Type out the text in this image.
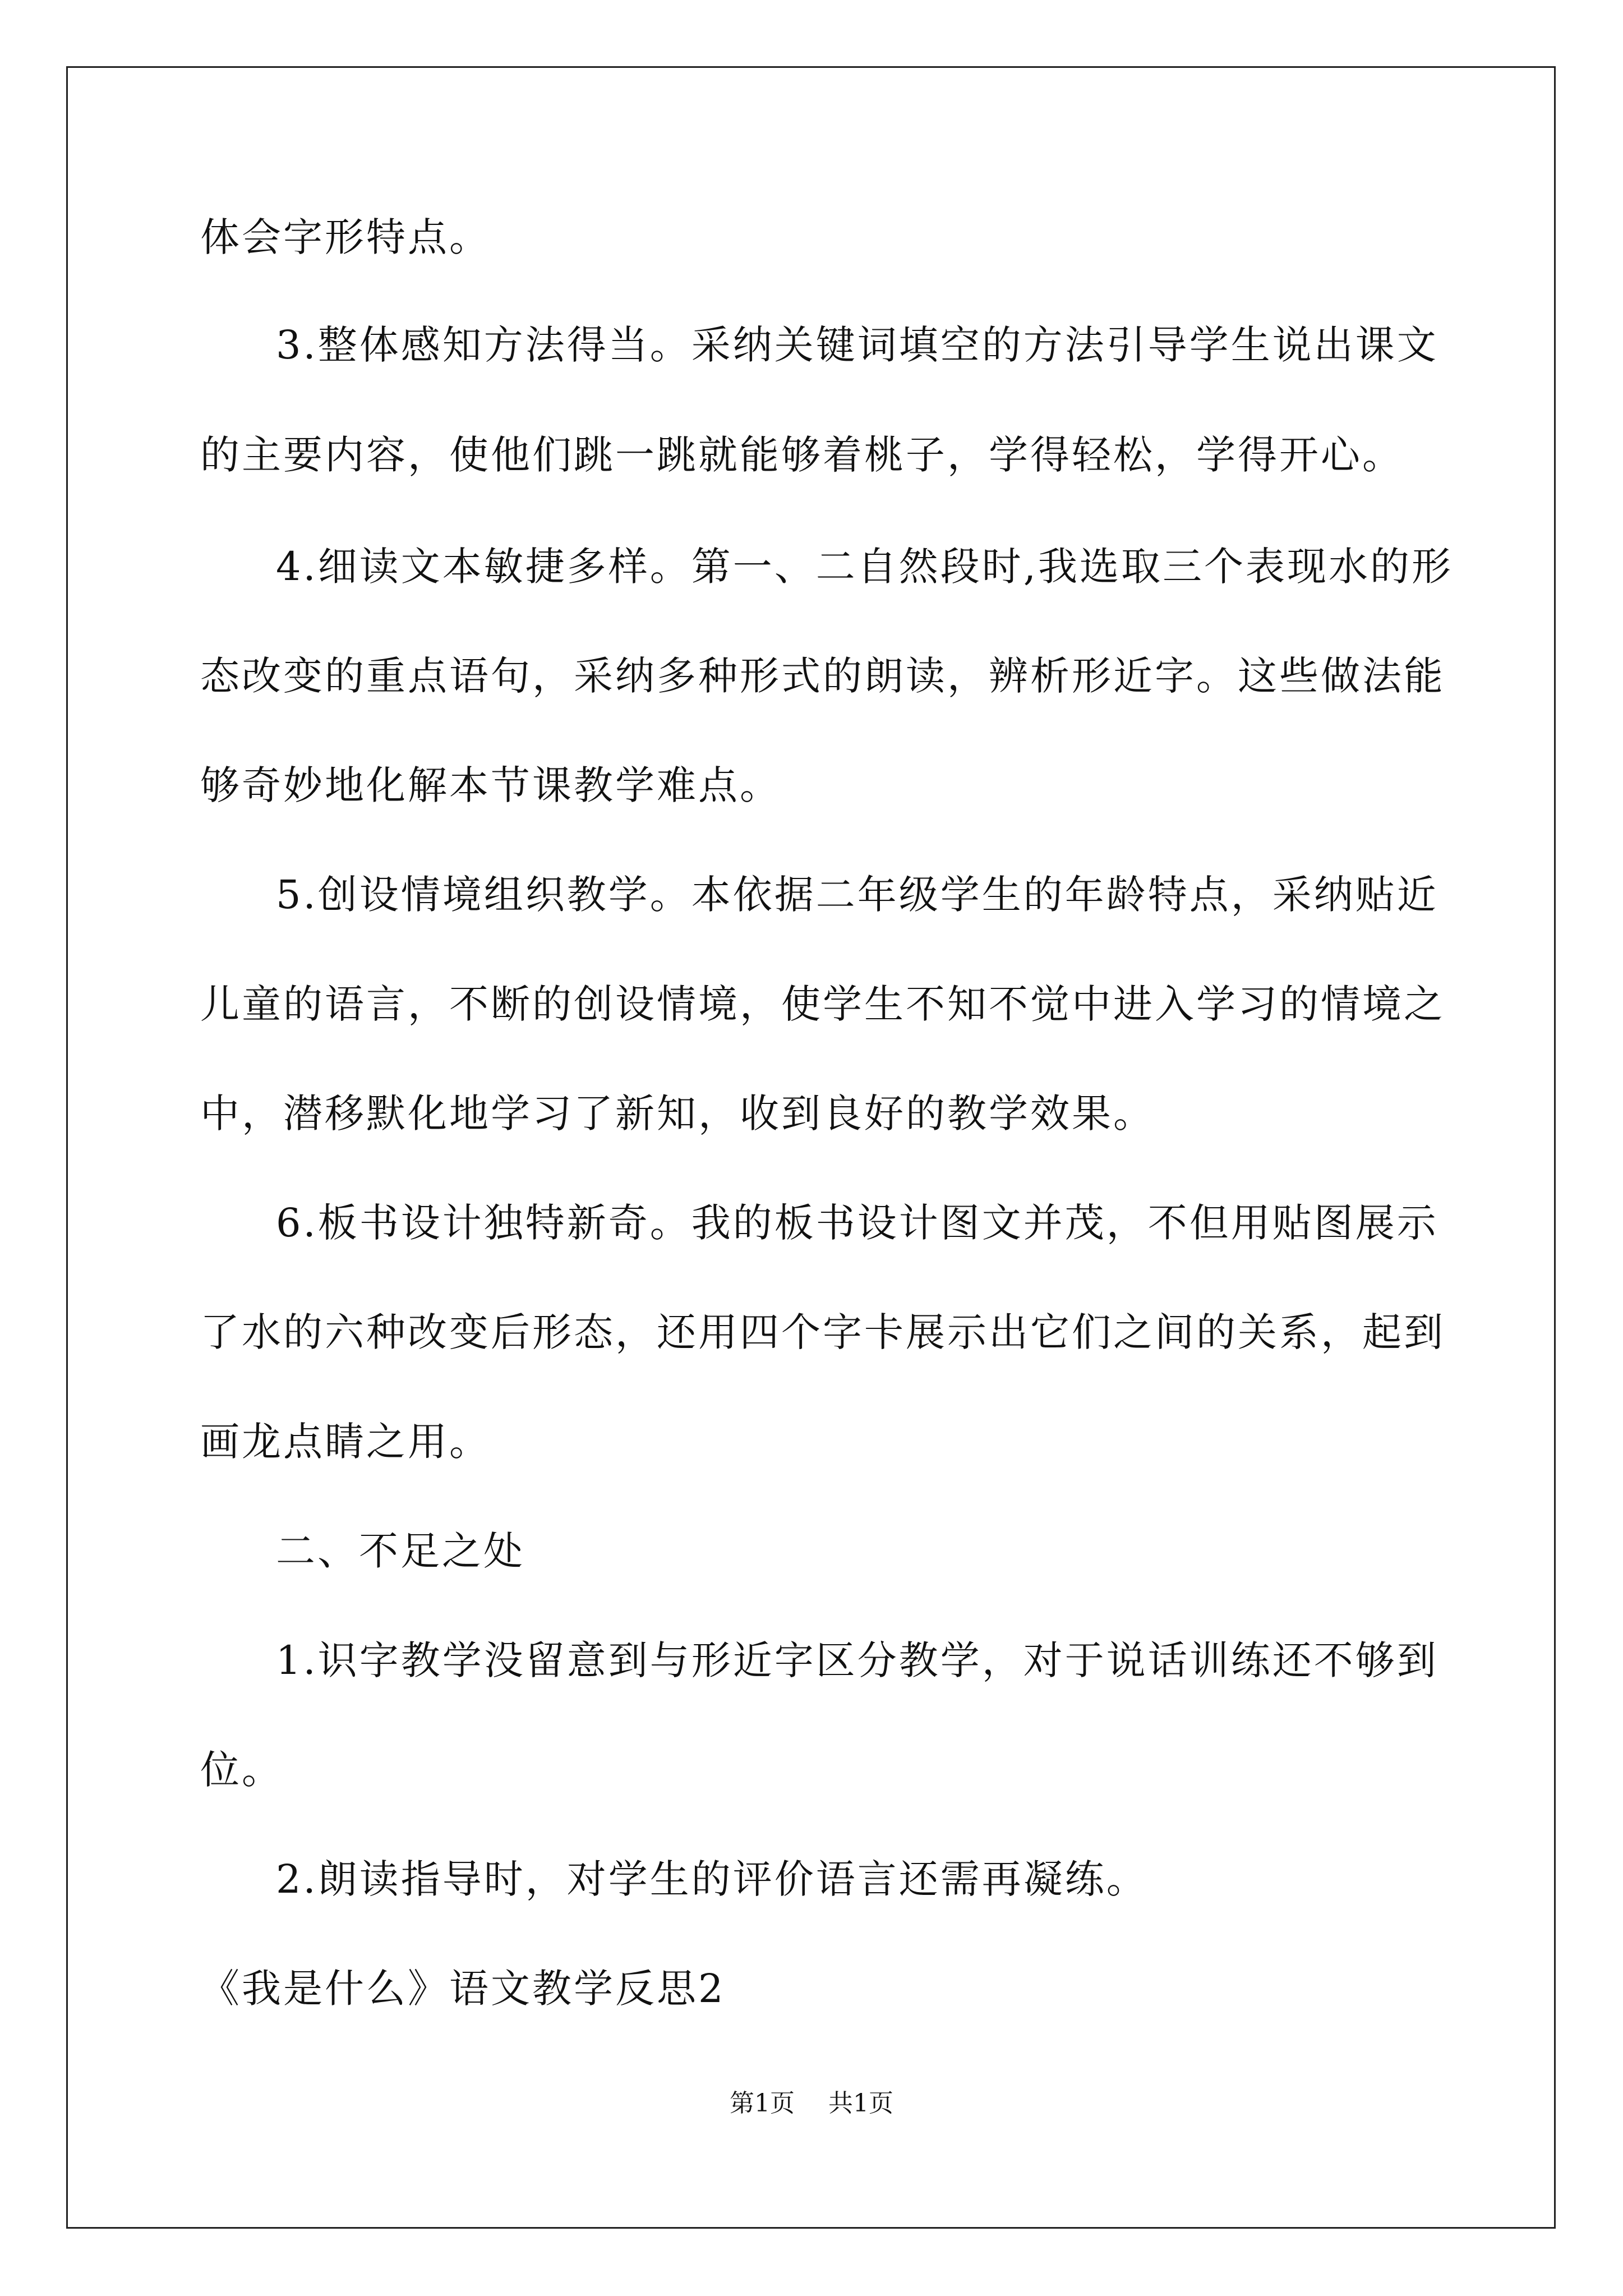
体会字形特点。
3.整体感知方法得当。采纳关键词填空的方法引导学生说出课文
的主要内容，使他们跳一跳就能够着桃子，学得轻松，学得开心。
4.细读文本敏捷多样。第一、二自然段时,我选取三个表现水的形
态改变的重点语句，采纳多种形式的朗读，辨析形近字。这些做法能
够奇妙地化解本节课教学难点。
5.创设情境组织教学。本依据二年级学生的年龄特点，采纳贴近
儿童的语言，不断的创设情境，使学生不知不觉中进入学习的情境之
中，潜移默化地学习了新知，收到良好的教学效果。
6.板书设计独特新奇。我的板书设计图文并茂，不但用贴图展示
了水的六种改变后形态，还用四个字卡展示出它们之间的关系，起到
画龙点睛之用。
二、不足之处
1.识字教学没留意到与形近字区分教学，对于说话训练还不够到
位。
2.朗读指导时，对学生的评价语言还需再凝练。
《我是什么》语文教学反思2
第1页 共1页
